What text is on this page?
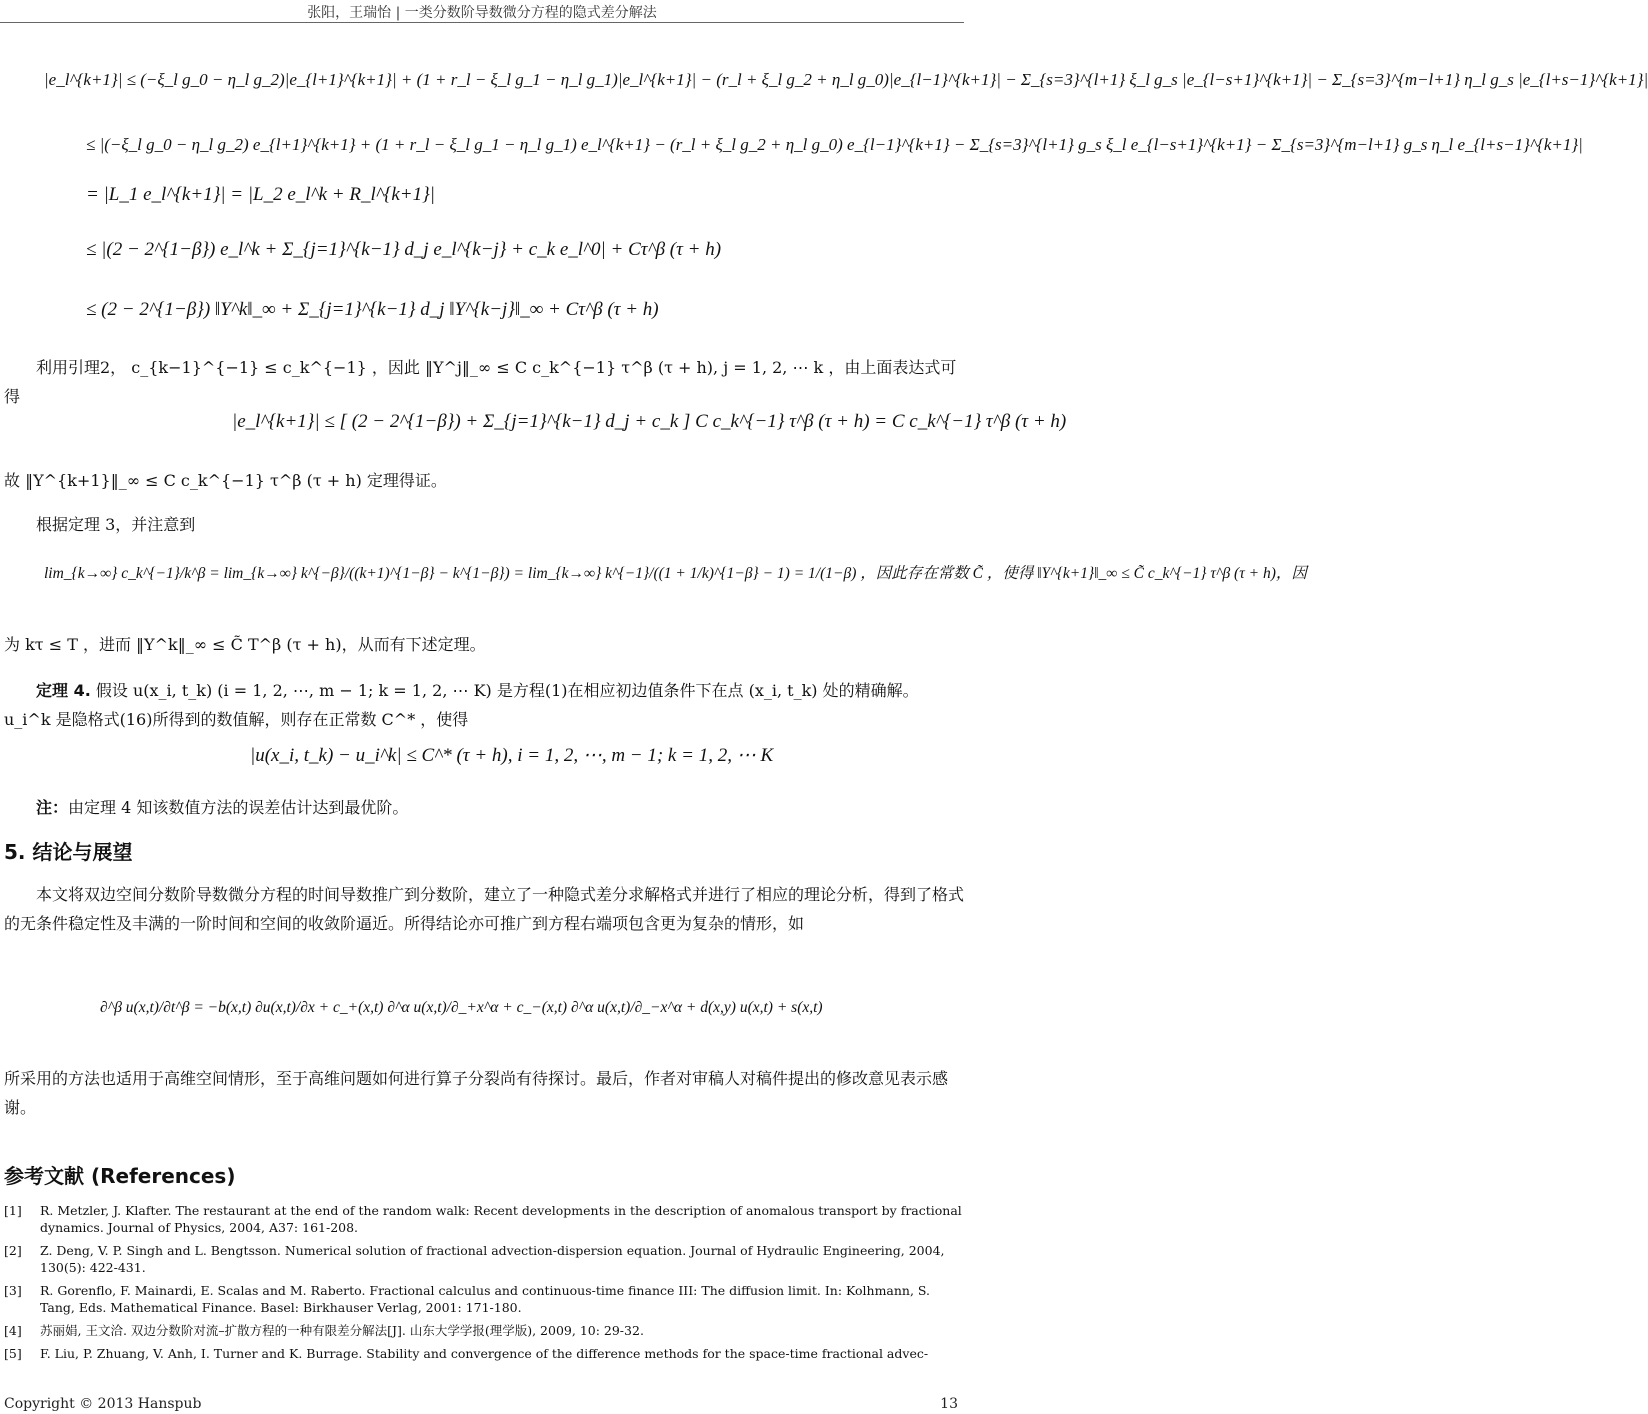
张阳，王瑞怡 | 一类分数阶导数微分方程的隐式差分解法
|e_l^{k+1}| ≤ (−ξ_l g_0 − η_l g_2)|e_{l+1}^{k+1}| + (1 + r_l − ξ_l g_1 − η_l g_1)|e_l^{k+1}| − (r_l + ξ_l g_2 + η_l g_0)|e_{l−1}^{k+1}| − Σ_{s=3}^{l+1} ξ_l g_s |e_{l−s+1}^{k+1}| − Σ_{s=3}^{m−l+1} η_l g_s |e_{l+s−1}^{k+1}|
≤ |(−ξ_l g_0 − η_l g_2) e_{l+1}^{k+1} + (1 + r_l − ξ_l g_1 − η_l g_1) e_l^{k+1} − (r_l + ξ_l g_2 + η_l g_0) e_{l−1}^{k+1} − Σ_{s=3}^{l+1} g_s ξ_l e_{l−s+1}^{k+1} − Σ_{s=3}^{m−l+1} g_s η_l e_{l+s−1}^{k+1}|
= |L_1 e_l^{k+1}| = |L_2 e_l^k + R_l^{k+1}|
≤ |(2 − 2^{1−β}) e_l^k + Σ_{j=1}^{k−1} d_j e_l^{k−j} + c_k e_l^0| + Cτ^β (τ + h)
≤ (2 − 2^{1−β}) ‖Y^k‖_∞ + Σ_{j=1}^{k−1} d_j ‖Y^{k−j}‖_∞ + Cτ^β (τ + h)
利用引理2， c_{k−1}^{−1} ≤ c_k^{−1} ，因此 ‖Y^j‖_∞ ≤ C c_k^{−1} τ^β (τ + h), j = 1, 2, ⋯ k ，由上面表达式可得
|e_l^{k+1}| ≤ [ (2 − 2^{1−β}) + Σ_{j=1}^{k−1} d_j + c_k ] C c_k^{−1} τ^β (τ + h) = C c_k^{−1} τ^β (τ + h)
故 ‖Y^{k+1}‖_∞ ≤ C c_k^{−1} τ^β (τ + h) 定理得证。
根据定理 3，并注意到
lim_{k→∞} c_k^{−1}/k^β = lim_{k→∞} k^{−β}/((k+1)^{1−β} − k^{1−β}) = lim_{k→∞} k^{−1}/((1 + 1/k)^{1−β} − 1) = 1/(1−β) ，因此存在常数 C̃ ，使得 ‖Y^{k+1}‖_∞ ≤ C̃ c_k^{−1} τ^β (τ + h)，因
为 kτ ≤ T ，进而 ‖Y^k‖_∞ ≤ C̃ T^β (τ + h)，从而有下述定理。
定理 4. 假设 u(x_i, t_k) (i = 1, 2, ⋯, m − 1; k = 1, 2, ⋯ K) 是方程(1)在相应初边值条件下在点 (x_i, t_k) 处的精确解。u_i^k 是隐格式(16)所得到的数值解，则存在正常数 C^* ，使得
|u(x_i, t_k) − u_i^k| ≤ C^* (τ + h), i = 1, 2, ⋯, m − 1; k = 1, 2, ⋯ K
注：由定理 4 知该数值方法的误差估计达到最优阶。
5. 结论与展望
本文将双边空间分数阶导数微分方程的时间导数推广到分数阶，建立了一种隐式差分求解格式并进行了相应的理论分析，得到了格式的无条件稳定性及丰满的一阶时间和空间的收敛阶逼近。所得结论亦可推广到方程右端项包含更为复杂的情形，如
∂^β u(x,t)/∂t^β = −b(x,t) ∂u(x,t)/∂x + c_+(x,t) ∂^α u(x,t)/∂_+x^α + c_−(x,t) ∂^α u(x,t)/∂_−x^α + d(x,y) u(x,t) + s(x,t)
所采用的方法也适用于高维空间情形，至于高维问题如何进行算子分裂尚有待探讨。最后，作者对审稿人对稿件提出的修改意见表示感谢。
参考文献 (References)
[1] R. Metzler, J. Klafter. The restaurant at the end of the random walk: Recent developments in the description of anomalous transport by fractional dynamics. Journal of Physics, 2004, A37: 161-208.
[2] Z. Deng, V. P. Singh and L. Bengtsson. Numerical solution of fractional advection-dispersion equation. Journal of Hydraulic Engineering, 2004, 130(5): 422-431.
[3] R. Gorenflo, F. Mainardi, E. Scalas and M. Raberto. Fractional calculus and continuous-time finance III: The diffusion limit. In: Kolhmann, S. Tang, Eds. Mathematical Finance. Basel: Birkhauser Verlag, 2001: 171-180.
[4] 苏丽娟, 王文洽. 双边分数阶对流–扩散方程的一种有限差分解法[J]. 山东大学学报(理学版), 2009, 10: 29-32.
[5] F. Liu, P. Zhuang, V. Anh, I. Turner and K. Burrage. Stability and convergence of the difference methods for the space-time fractional advec-
Copyright © 2013 Hanspub	13
